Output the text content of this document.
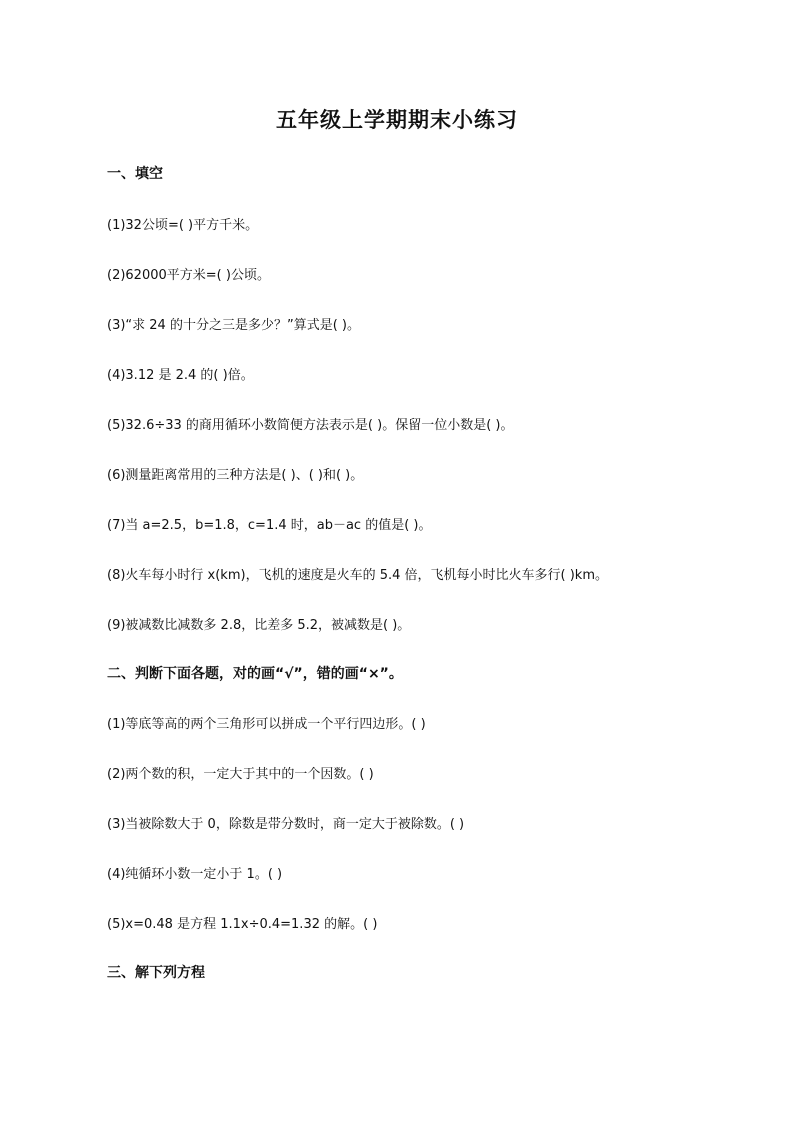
五年级上学期期末小练习
一、填空
(1)32公顷=( )平方千米。
(2)62000平方米=( )公顷。
(3)“求 24 的十分之三是多少？”算式是( )。
(4)3.12 是 2.4 的( )倍。
(5)32.6÷33 的商用循环小数简便方法表示是( )。保留一位小数是( )。
(6)测量距离常用的三种方法是( )、( )和( )。
(7)当 a=2.5，b=1.8，c=1.4 时，ab－ac 的值是( )。
(8)火车每小时行 x(km)，飞机的速度是火车的 5.4 倍，飞机每小时比火车多行( )km。
(9)被减数比减数多 2.8，比差多 5.2，被减数是( )。
二、判断下面各题，对的画“√”，错的画“×”。
(1)等底等高的两个三角形可以拼成一个平行四边形。( )
(2)两个数的积，一定大于其中的一个因数。( )
(3)当被除数大于 0，除数是带分数时，商一定大于被除数。( )
(4)纯循环小数一定小于 1。( )
(5)x=0.48 是方程 1.1x÷0.4=1.32 的解。( )
三、解下列方程
